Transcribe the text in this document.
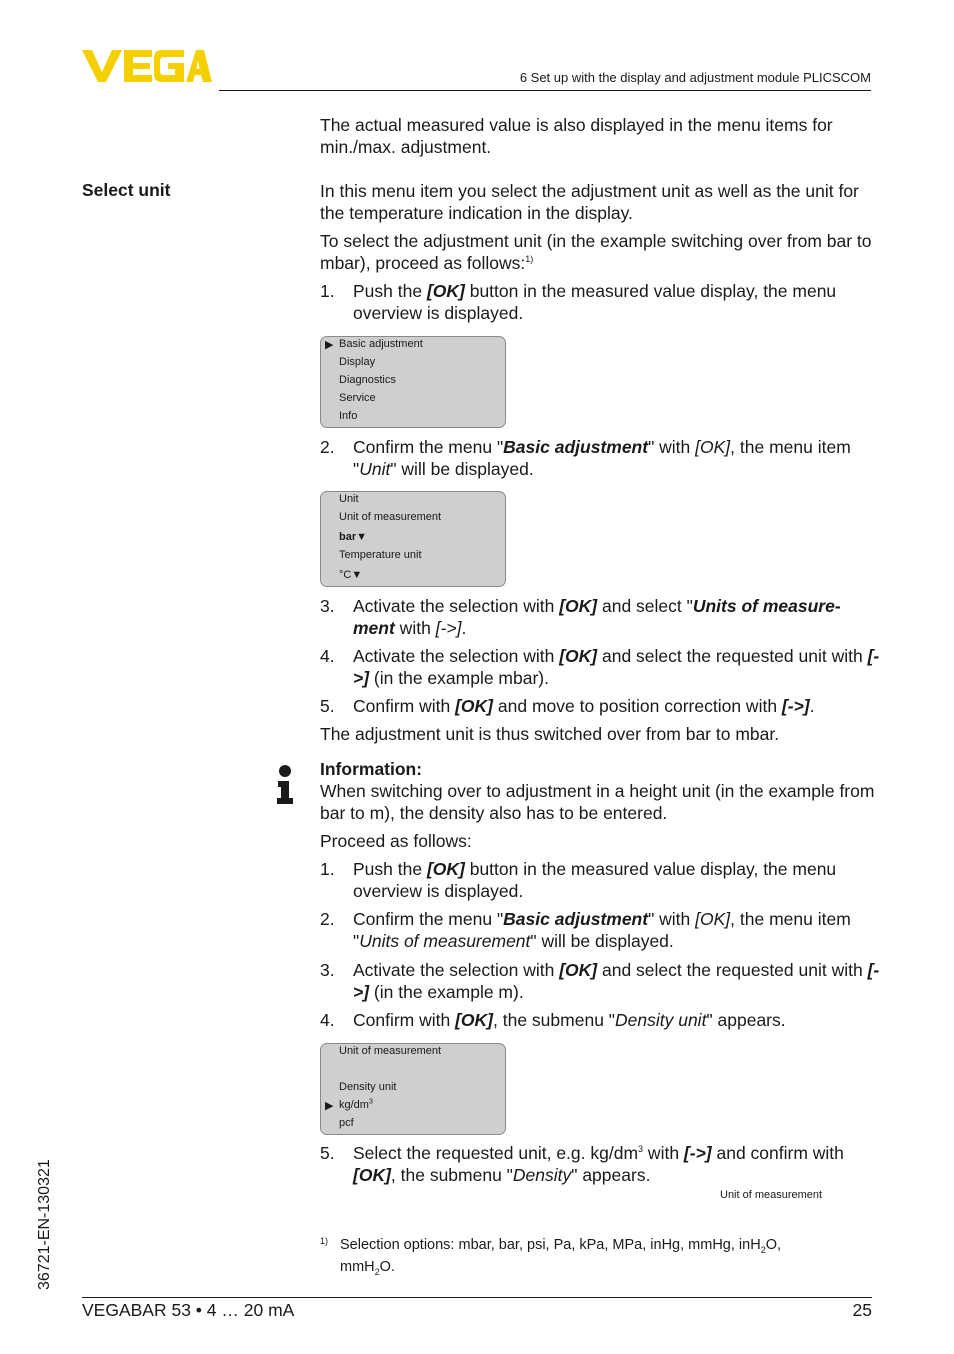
6 Set up with the display and adjustment module PLICSCOM
The actual measured value is also displayed in the menu items for min./max. adjustment.
Select unit	In this menu item you select the adjustment unit as well as the unit for the temperature indication in the display.
To select the adjustment unit (in the example switching over from bar to mbar), proceed as follows:$^{1)}$
1. Push the [OK] button in the measured value display, the menu overview is displayed.
▶ Basic adjustment
Display
Diagnostics
Service
Info
2. Confirm the menu "Basic adjustment" with [OK], the menu item "Unit" will be displayed.
Unit
Unit of measurement
bar▼
Temperature unit
°C▼
3. Activate the selection with [OK] and select "Units of measure-ment with [->].
4. Activate the selection with [OK] and select the requested unit with [->] (in the example mbar).
5. Confirm with [OK] and move to position correction with [->].
The adjustment unit is thus switched over from bar to mbar.
Information:
When switching over to adjustment in a height unit (in the example from bar to m), the density also has to be entered.
Proceed as follows:
1. Push the [OK] button in the measured value display, the menu overview is displayed.
2. Confirm the menu "Basic adjustment" with [OK], the menu item "Units of measurement" will be displayed.
3. Activate the selection with [OK] and select the requested unit with [->] (in the example m).
4. Confirm with [OK], the submenu "Density unit" appears.
Unit of measurement
Density unit
▶ $kg/dm^3$
pcf
5. Select the requested unit, e.g. $kg/dm^3$ with [->] and confirm with [OK], the submenu "Density" appears.
Unit of measurement
1) Selection options: mbar, bar, psi, Pa, kPa, MPa, inHg, mmHg, inH$_2$O,
mmH$_2$O.
36721-EN-130321
VEGABAR 53 • 4 … 20 mA	25
